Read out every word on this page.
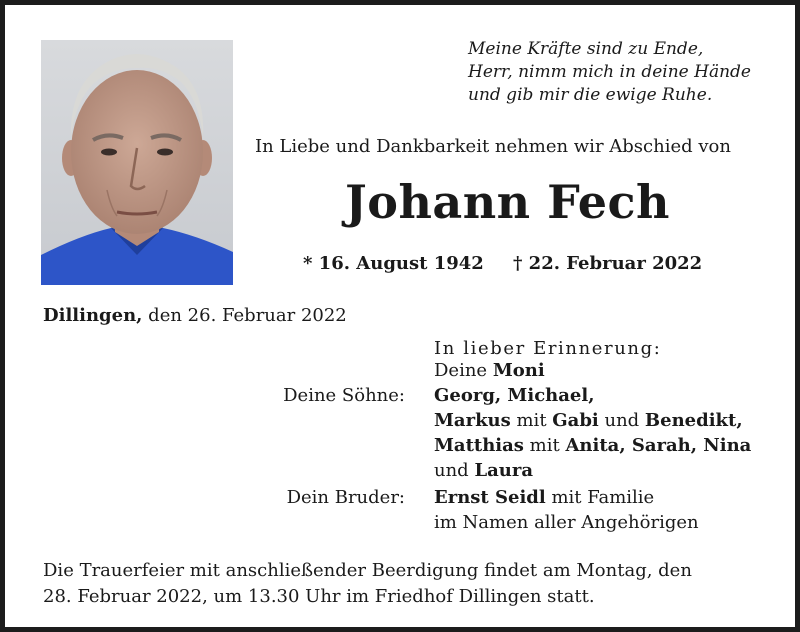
Meine Kräfte sind zu Ende,
Herr, nimm mich in deine Hände
und gib mir die ewige Ruhe.
In Liebe und Dankbarkeit nehmen wir Abschied von
Johann Fech
* 16. August 1942 † 22. Februar 2022
Dillingen, den 26. Februar 2022
In lieber Erinnerung:
Deine Moni
Deine Söhne: Georg, Michael,
Markus mit Gabi und Benedikt,
Matthias mit Anita, Sarah, Nina
und Laura
Dein Bruder: Ernst Seidl mit Familie
im Namen aller Angehörigen
Die Trauerfeier mit anschließender Beerdigung findet am Montag, den
28. Februar 2022, um 13.30 Uhr im Friedhof Dillingen statt.
